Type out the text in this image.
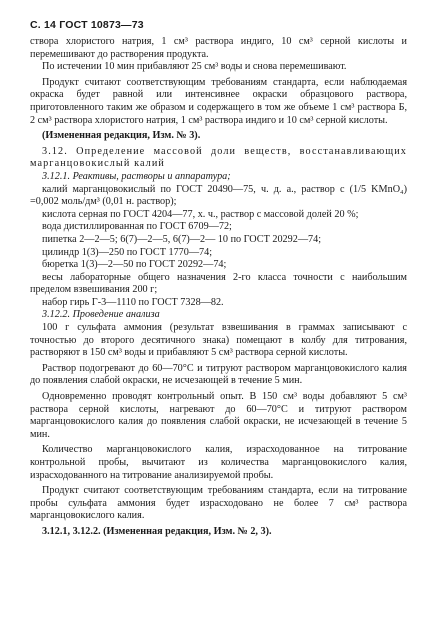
С. 14 ГОСТ 10873—73

створа хлористого натрия, 1 см³ раствора индиго, 10 см³ серной кислоты и перемешивают до растворения продукта.

По истечении 10 мин прибавляют 25 см³ воды и снова перемешивают.

Продукт считают соответствующим требованиям стандарта, если наблюдаемая окраска будет равной или интенсивнее окраски образцового раствора, приготовленного таким же образом и содержащего в том же объеме 1 см³ раствора Б, 2 см³ раствора хлористого натрия, 1 см³ раствора индиго и 10 см³ серной кислоты.

(Измененная редакция, Изм. № 3).

3.12. Определение массовой доли веществ, восстанавливающих марганцовокислый калий

3.12.1. Реактивы, растворы и аппаратура;

калий марганцовокислый по ГОСТ 20490—75, ч. д. а., раствор с (1/5 KMnO₄) =0,002 моль/дм³ (0,01 н. раствор);

кислота серная по ГОСТ 4204—77, х. ч., раствор с массовой долей 20 %;

вода дистиллированная по ГОСТ 6709—72;

пипетка 2—2—5; 6(7)—2—5, 6(7)—2— 10 по ГОСТ 20292—74;

цилиндр 1(3)—250 по ГОСТ 1770—74;

бюретка 1(3)—2—50 по ГОСТ 20292—74;

весы лабораторные общего назначения 2-го класса точности с наибольшим пределом взвешивания 200 г;

набор гирь Г-3—1110 по ГОСТ 7328—82.

3.12.2. Проведение анализа

100 г сульфата аммония (результат взвешивания в граммах записывают с точностью до второго десятичного знака) помещают в колбу для титрования, растворяют в 150 см³ воды и прибавляют 5 см³ раствора серной кислоты.

Раствор подогревают до 60—70°С и титруют раствором марганцовокислого калия до появления слабой окраски, не исчезающей в течение 5 мин.

Одновременно проводят контрольный опыт. В 150 см³ воды добавляют 5 см³ раствора серной кислоты, нагревают до 60—70°С и титруют раствором марганцовокислого калия до появления слабой окраски, не исчезающей в течение 5 мин.

Количество марганцовокислого калия, израсходованное на титрование контрольной пробы, вычитают из количества марганцовокислого калия, израсходованного на титрование анализируемой пробы.

Продукт считают соответствующим требованиям стандарта, если на титрование пробы сульфата аммония будет израсходовано не более 7 см³ раствора марганцовокислого калия.

3.12.1, 3.12.2. (Измененная редакция, Изм. № 2, 3).
